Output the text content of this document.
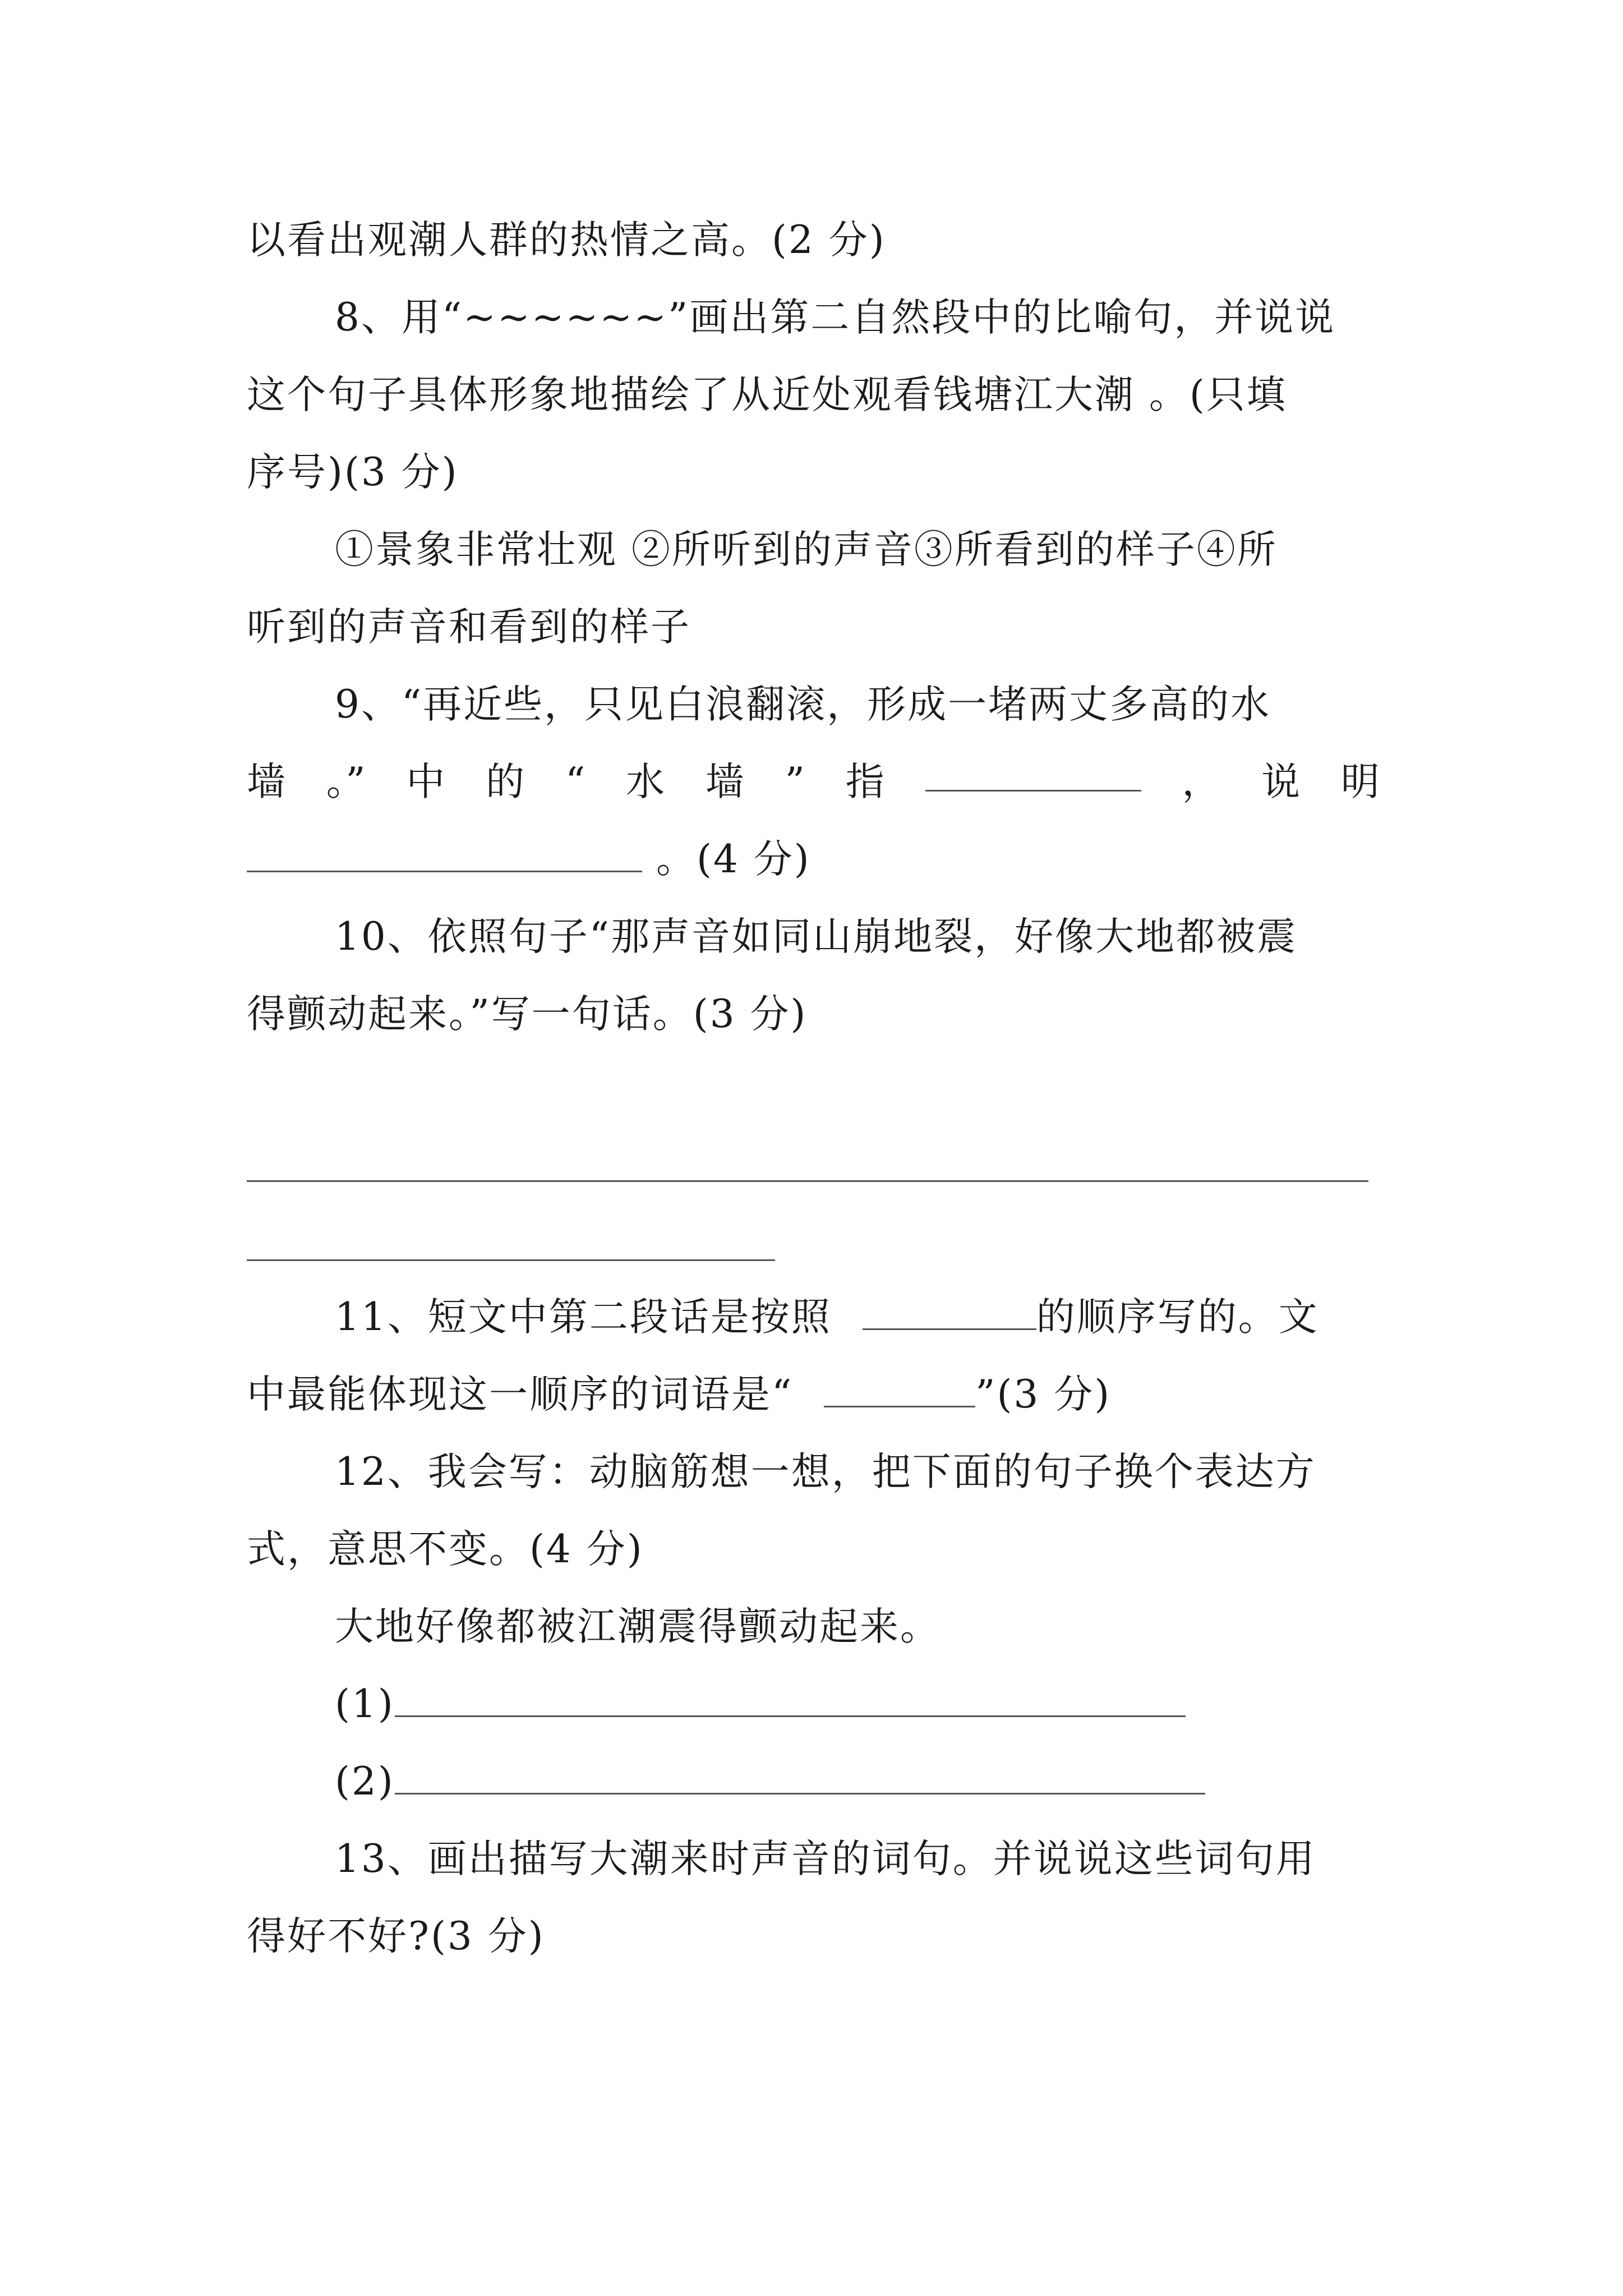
以看出观潮人群的热情之高。(2 分)
8、用“~~~~~~”画出第二自然段中的比喻句，并说说
这个句子具体形象地描绘了从近处观看钱塘江大潮 。(只填
序号)(3 分)
①景象非常壮观 ②所听到的声音③所看到的样子④所
听到的声音和看到的样子
9、“再近些，只见白浪翻滚，形成一堵两丈多高的水
墙 。” 中 的 “ 水 墙 ” 指	， 说 明
。(4 分)
10、依照句子“那声音如同山崩地裂，好像大地都被震
得颤动起来。”写一句话。(3 分)
11、短文中第二段话是按照	的顺序写的。文
中最能体现这一顺序的词语是“	”(3 分)
12、我会写：动脑筋想一想，把下面的句子换个表达方
式，意思不变。(4 分)
大地好像都被江潮震得颤动起来。
(1)
(2)
13、画出描写大潮来时声音的词句。并说说这些词句用
得好不好?(3 分)
